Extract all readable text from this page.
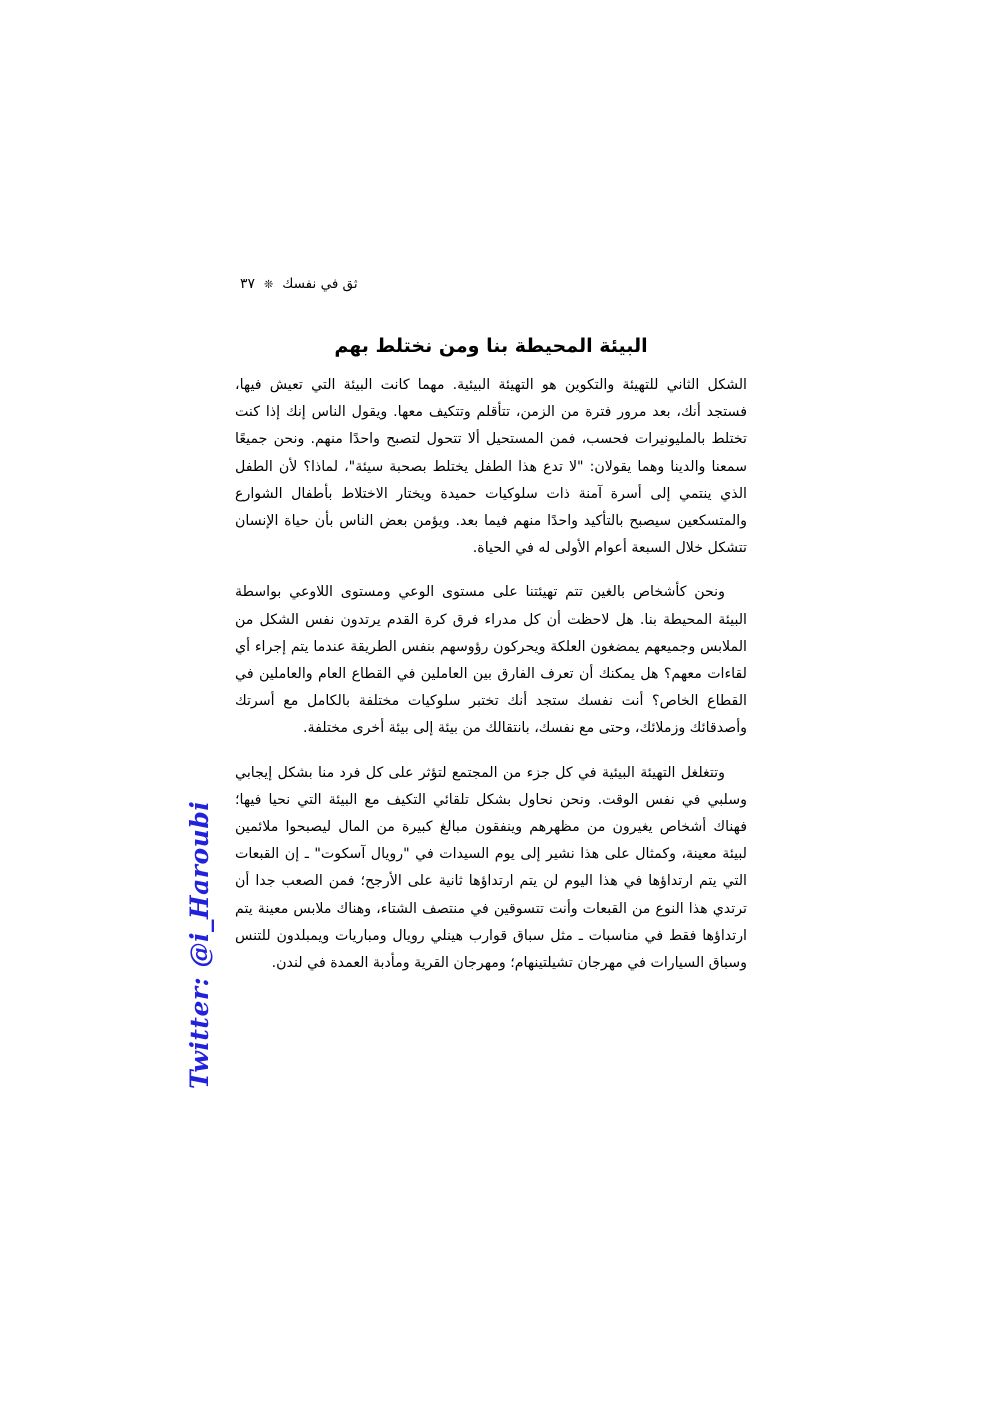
ثق في نفسك
❊
٣٧
البيئة المحيطة بنا ومن نختلط بهم

الشكل الثاني للتهيئة والتكوين هو التهيئة البيئية. مهما كانت البيئة التي تعيش فيها، فستجد أنك، بعد مرور فترة من الزمن، تتأقلم وتتكيف معها. ويقول الناس إنك إذا كنت تختلط بالمليونيرات فحسب، فمن المستحيل ألا تتحول لتصبح واحدًا منهم. ونحن جميعًا سمعنا والدينا وهما يقولان: "لا تدع هذا الطفل يختلط بصحبة سيئة"، لماذا؟ لأن الطفل الذي ينتمي إلى أسرة آمنة ذات سلوكيات حميدة ويختار الاختلاط بأطفال الشوارع والمتسكعين سيصبح بالتأكيد واحدًا منهم فيما بعد. ويؤمن بعض الناس بأن حياة الإنسان تتشكل خلال السبعة أعوام الأولى له في الحياة.

ونحن كأشخاص بالغين تتم تهيئتنا على مستوى الوعي ومستوى اللاوعي بواسطة البيئة المحيطة بنا. هل لاحظت أن كل مدراء فرق كرة القدم يرتدون نفس الشكل من الملابس وجميعهم يمضغون العلكة ويحركون رؤوسهم بنفس الطريقة عندما يتم إجراء أي لقاءات معهم؟ هل يمكنك أن تعرف الفارق بين العاملين في القطاع العام والعاملين في القطاع الخاص؟ أنت نفسك ستجد أنك تختبر سلوكيات مختلفة بالكامل مع أسرتك وأصدقائك وزملائك، وحتى مع نفسك، بانتقالك من بيئة إلى بيئة أخرى مختلفة.

وتتغلغل التهيئة البيئية في كل جزء من المجتمع لتؤثر على كل فرد منا بشكل إيجابي وسلبي في نفس الوقت. ونحن نحاول بشكل تلقائي التكيف مع البيئة التي نحيا فيها؛ فهناك أشخاص يغيرون من مظهرهم وينفقون مبالغ كبيرة من المال ليصبحوا ملائمين لبيئة معينة، وكمثال على هذا نشير إلى يوم السيدات في "رويال آسكوت" ـ إن القبعات التي يتم ارتداؤها في هذا اليوم لن يتم ارتداؤها ثانية على الأرجح؛ فمن الصعب جدا أن ترتدي هذا النوع من القبعات وأنت تتسوقين في منتصف الشتاء، وهناك ملابس معينة يتم ارتداؤها فقط في مناسبات ـ مثل سباق قوارب هينلي رويال ومباريات ويمبلدون للتنس وسباق السيارات في مهرجان تشيلتينهام؛ ومهرجان القرية ومأدبة العمدة في لندن.

Twitter: @i_Haroubi
